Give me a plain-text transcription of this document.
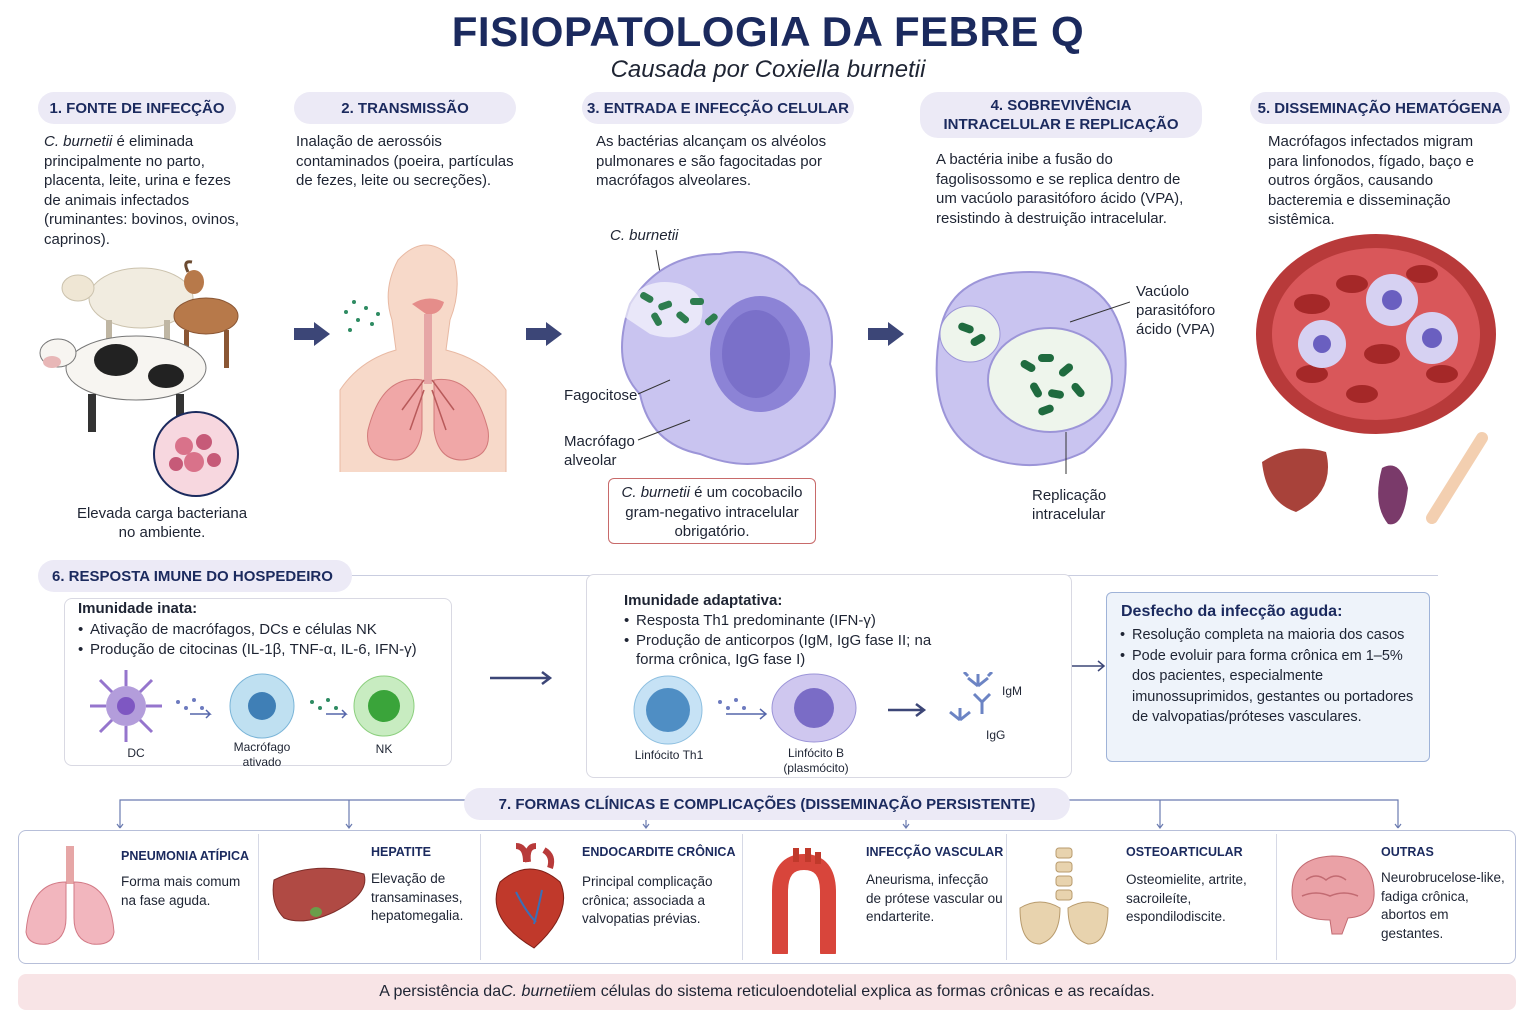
FISIOPATOLOGIA DA FEBRE Q
Causada por Coxiella burnetii
1. FONTE DE INFECÇÃO
C. burnetii é eliminada principalmente no parto, placenta, leite, urina e fezes de animais infectados (ruminantes: bovinos, ovinos, caprinos).
Elevada carga bacteriana no ambiente.
2. TRANSMISSÃO
Inalação de aerossóis contaminados (poeira, partículas de fezes, leite ou secreções).
3. ENTRADA E INFECÇÃO CELULAR
As bactérias alcançam os alvéolos pulmonares e são fagocitadas por macrófagos alveolares.
C. burnetii
Fagocitose
Macrófago alveolar
C. burnetii é um cocobacilo gram-negativo intracelular obrigatório.
4. SOBREVIVÊNCIA INTRACELULAR E REPLICAÇÃO
A bactéria inibe a fusão do fagolisossomo e se replica dentro de um vacúolo parasitóforo ácido (VPA), resistindo à destruição intracelular.
Vacúolo parasitóforo ácido (VPA)
Replicação intracelular
5. DISSEMINAÇÃO HEMATÓGENA
Macrófagos infectados migram para linfonodos, fígado, baço e outros órgãos, causando bacteremia e disseminação sistêmica.
6. RESPOSTA IMUNE DO HOSPEDEIRO
Imunidade inata:
• Ativação de macrófagos, DCs e células NK
• Produção de citocinas (IL-1β, TNF-α, IL-6, IFN-γ)
DC	Macrófago ativado
NK
Imunidade adaptativa:
• Resposta Th1 predominante (IFN-γ)
• Produção de anticorpos (IgM, IgG fase II; na forma crônica, IgG fase I)
IgM
IgG
Linfócito Th1	Linfócito B (plasmócito)
Desfecho da infecção aguda:
• Resolução completa na maioria dos casos
• Pode evoluir para forma crônica em 1–5% dos pacientes, especialmente imunossuprimidos, gestantes ou portadores de valvopatias/próteses vasculares.
7. FORMAS CLÍNICAS E COMPLICAÇÕES (DISSEMINAÇÃO PERSISTENTE)
PNEUMONIA ATÍPICA
Forma mais comum na fase aguda.
HEPATITE
Elevação de transaminases, hepatomegalia.
ENDOCARDITE CRÔNICA
Principal complicação crônica; associada a valvopatias prévias.
INFECÇÃO VASCULAR
Aneurisma, infecção de prótese vascular ou endarterite.
OSTEOARTICULAR
Osteomielite, artrite, sacroileíte, espondilodiscite.
OUTRAS
Neurobrucelose-like, fadiga crônica, abortos em gestantes.
A persistência da C. burnetii em células do sistema reticuloendotelial explica as formas crônicas e as recaídas.
